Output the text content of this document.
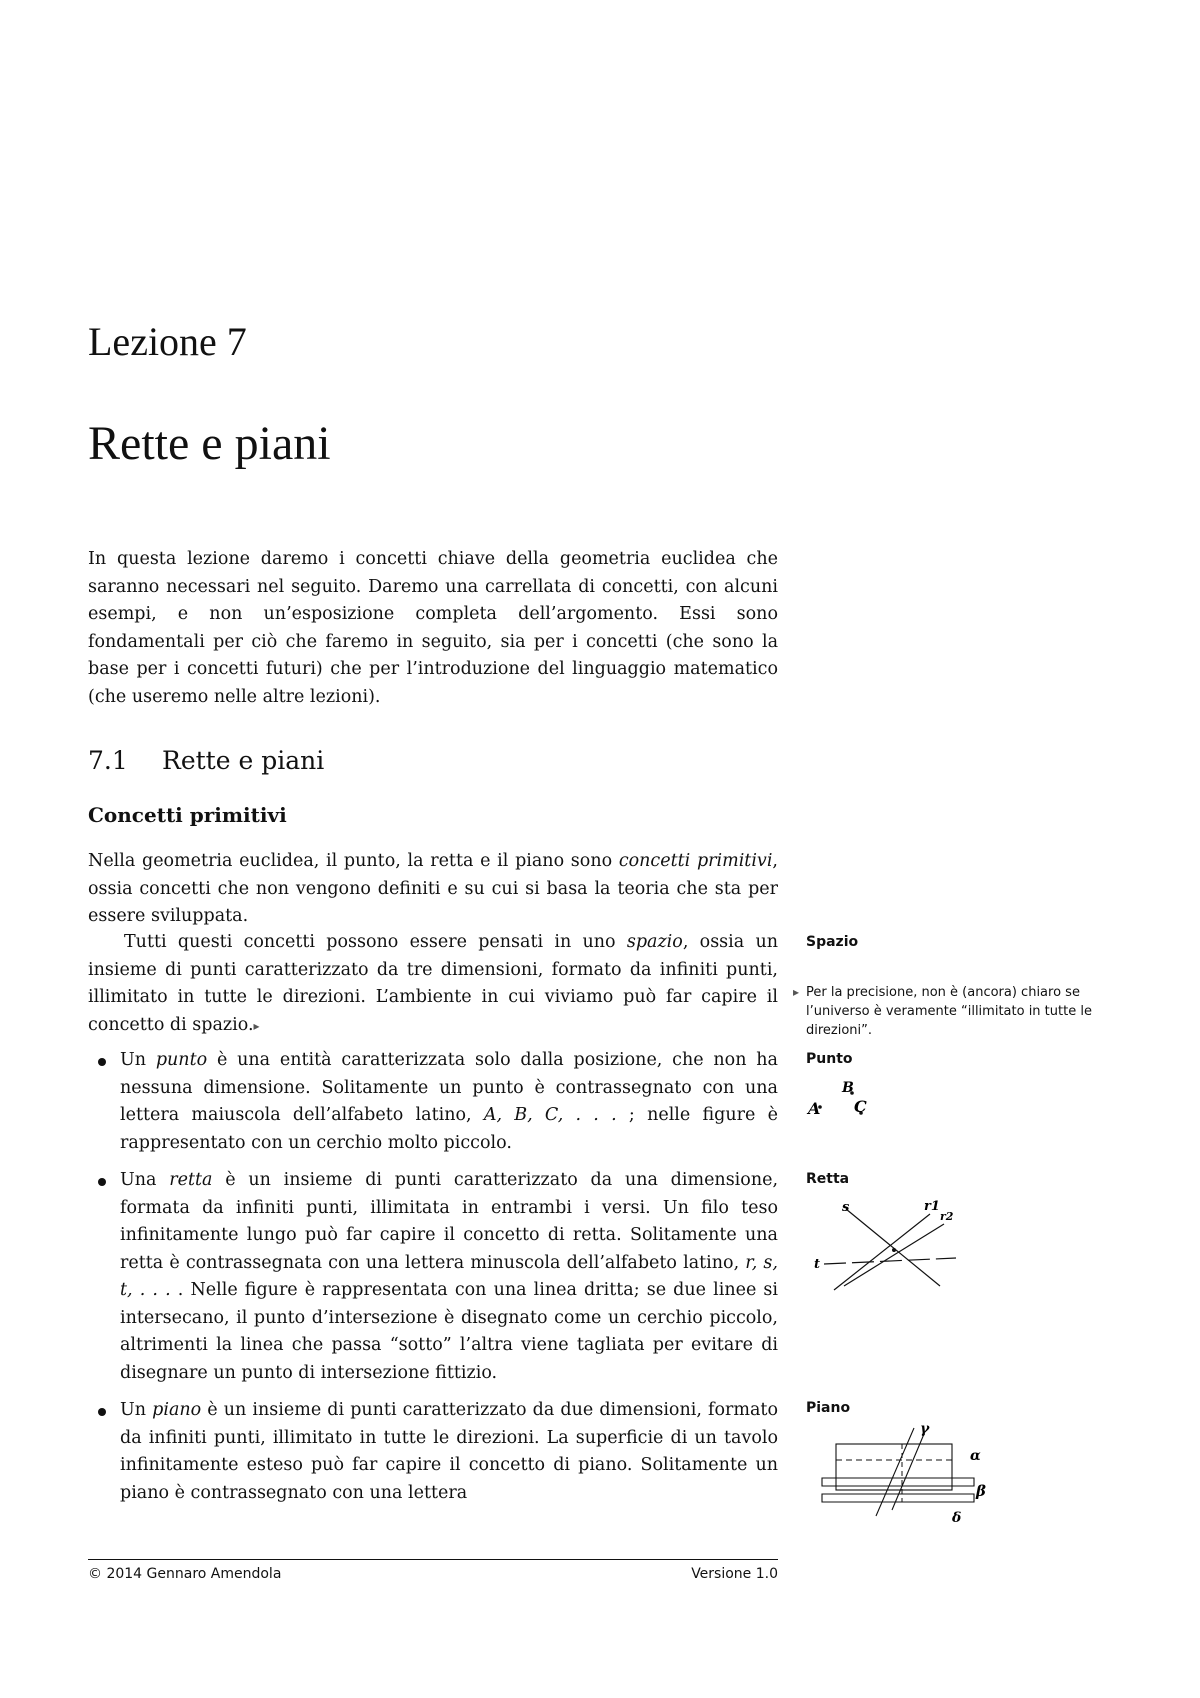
Lezione 7
Rette e piani
In questa lezione daremo i concetti chiave della geometria euclidea che saranno necessari nel seguito. Daremo una carrellata di concetti, con alcuni esempi, e non un’esposizione completa dell’argomento. Essi sono fondamentali per ciò che faremo in seguito, sia per i concetti (che sono la base per i concetti futuri) che per l’introduzione del linguaggio matematico (che useremo nelle altre lezioni).
7.1 Rette e piani
Concetti primitivi
Nella geometria euclidea, il punto, la retta e il piano sono concetti primitivi, ossia concetti che non vengono definiti e su cui si basa la teoria che sta per essere sviluppata.
Tutti questi concetti possono essere pensati in uno spazio, ossia un insieme di punti caratterizzato da tre dimensioni, formato da infiniti punti, illimitato in tutte le direzioni. L’ambiente in cui viviamo può far capire il concetto di spazio.▸
Un punto è una entità caratterizzata solo dalla posizione, che non ha nessuna dimensione. Solitamente un punto è contrassegnato con una lettera maiuscola dell’alfabeto latino, A, B, C, . . . ; nelle figure è rappresentato con un cerchio molto piccolo.
Una retta è un insieme di punti caratterizzato da una dimensione, formata da infiniti punti, illimitata in entrambi i versi. Un filo teso infinitamente lungo può far capire il concetto di retta. Solitamente una retta è contrassegnata con una lettera minuscola dell’alfabeto latino, r, s, t, . . . . Nelle figure è rappresentata con una linea dritta; se due linee si intersecano, il punto d’intersezione è disegnato come un cerchio piccolo, altrimenti la linea che passa “sotto” l’altra viene tagliata per evitare di disegnare un punto di intersezione fittizio.
Un piano è un insieme di punti caratterizzato da due dimensioni, formato da infiniti punti, illimitato in tutte le direzioni. La superficie di un tavolo infinitamente esteso può far capire il concetto di piano. Solitamente un piano è contrassegnato con una lettera
Spazio
▸ Per la precisione, non è (ancora) chiaro se l’universo è veramente “illimitato in tutte le direzioni”.
Punto
A
B
C
Retta
s	r1
r2
t
Piano
γ
α
β
δ
© 2014 Gennaro Amendola	Versione 1.0
